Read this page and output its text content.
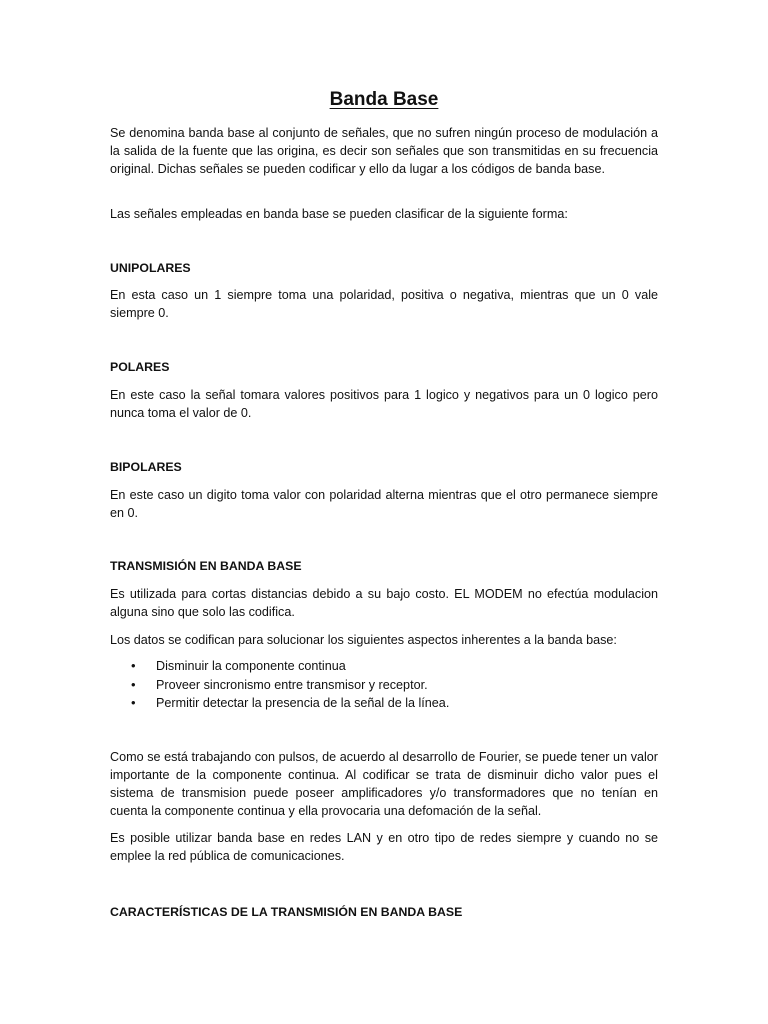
Banda Base

Se denomina banda base al conjunto de señales, que no sufren ningún proceso de modulación a la salida de la fuente que las origina, es decir son señales que son transmitidas en su frecuencia original. Dichas señales se pueden codificar y ello da lugar a los códigos de banda base.

Las señales empleadas en banda base se pueden clasificar de la siguiente forma:

UNIPOLARES

En esta caso un 1 siempre toma una polaridad, positiva o negativa, mientras que un 0 vale siempre 0.

POLARES

En este caso la señal tomara valores positivos para 1 logico y negativos para un 0 logico pero nunca toma el valor de 0.

BIPOLARES

En este caso un digito toma valor con polaridad alterna mientras que el otro permanece siempre en 0.

TRANSMISIÓN EN BANDA BASE

Es utilizada para cortas distancias debido a su bajo costo. EL MODEM no efectúa modulacion alguna sino que solo las codifica.

Los datos se codifican para solucionar los siguientes aspectos inherentes a la banda base:

• Disminuir la componente continua
• Proveer sincronismo entre transmisor y receptor.
• Permitir detectar la presencia de la señal de la línea.

Como se está trabajando con pulsos, de acuerdo al desarrollo de Fourier, se puede tener un valor importante de la componente continua. Al codificar se trata de disminuir dicho valor pues el sistema de transmision puede poseer amplificadores y/o transformadores que no tenían en cuenta la componente continua y ella provocaria una defomación de la señal.

Es posible utilizar banda base en redes LAN y en otro tipo de redes siempre y cuando no se emplee la red pública de comunicaciones.

CARACTERÍSTICAS DE LA TRANSMISIÓN EN BANDA BASE
